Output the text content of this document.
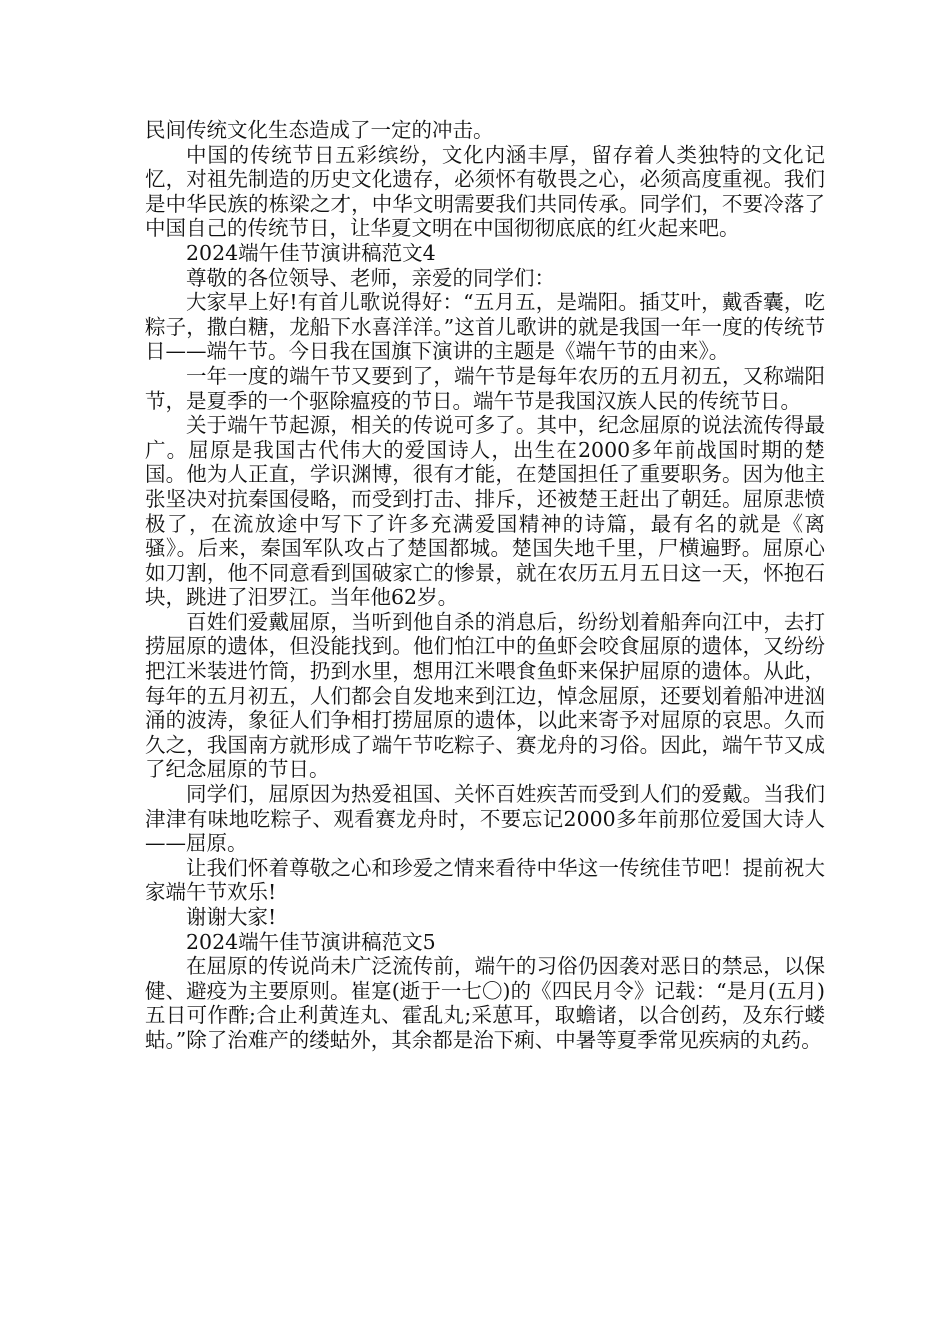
民间传统文化生态造成了一定的冲击。

中国的传统节日五彩缤纷，文化内涵丰厚，留存着人类独特的文化记忆，对祖先制造的历史文化遗存，必须怀有敬畏之心，必须高度重视。我们是中华民族的栋梁之才，中华文明需要我们共同传承。同学们，不要冷落了中国自己的传统节日，让华夏文明在中国彻彻底底的红火起来吧。

2024端午佳节演讲稿范文4

尊敬的各位领导、老师，亲爱的同学们：

大家早上好!有首儿歌说得好：“五月五，是端阳。插艾叶，戴香囊，吃粽子，撒白糖，龙船下水喜洋洋。”这首儿歌讲的就是我国一年一度的传统节日——端午节。今日我在国旗下演讲的主题是《端午节的由来》。

一年一度的端午节又要到了，端午节是每年农历的五月初五，又称端阳节，是夏季的一个驱除瘟疫的节日。端午节是我国汉族人民的传统节日。

关于端午节起源，相关的传说可多了。其中，纪念屈原的说法流传得最广。屈原是我国古代伟大的爱国诗人，出生在2000多年前战国时期的楚国。他为人正直，学识渊博，很有才能，在楚国担任了重要职务。因为他主张坚决对抗秦国侵略，而受到打击、排斥，还被楚王赶出了朝廷。屈原悲愤极了，在流放途中写下了许多充满爱国精神的诗篇，最有名的就是《离骚》。后来，秦国军队攻占了楚国都城。楚国失地千里，尸横遍野。屈原心如刀割，他不同意看到国破家亡的惨景，就在农历五月五日这一天，怀抱石块，跳进了汨罗江。当年他62岁。

百姓们爱戴屈原，当听到他自杀的消息后，纷纷划着船奔向江中，去打捞屈原的遗体，但没能找到。他们怕江中的鱼虾会咬食屈原的遗体，又纷纷把江米装进竹筒，扔到水里，想用江米喂食鱼虾来保护屈原的遗体。从此，每年的五月初五，人们都会自发地来到江边，悼念屈原，还要划着船冲进汹涌的波涛，象征人们争相打捞屈原的遗体，以此来寄予对屈原的哀思。久而久之，我国南方就形成了端午节吃粽子、赛龙舟的习俗。因此，端午节又成了纪念屈原的节日。

同学们，屈原因为热爱祖国、关怀百姓疾苦而受到人们的爱戴。当我们津津有味地吃粽子、观看赛龙舟时，不要忘记2000多年前那位爱国大诗人——屈原。

让我们怀着尊敬之心和珍爱之情来看待中华这一传统佳节吧！提前祝大家端午节欢乐!

谢谢大家!

2024端午佳节演讲稿范文5

在屈原的传说尚未广泛流传前，端午的习俗仍因袭对恶日的禁忌，以保健、避疫为主要原则。崔寔(逝于一七〇)的《四民月令》记载：“是月(五月)五日可作酢;合止利黄连丸、霍乱丸;采葸耳，取蟾诸，以合创药，及东行蝼蛄。”除了治难产的缕蛄外，其余都是治下痢、中暑等夏季常见疾病的丸药。
